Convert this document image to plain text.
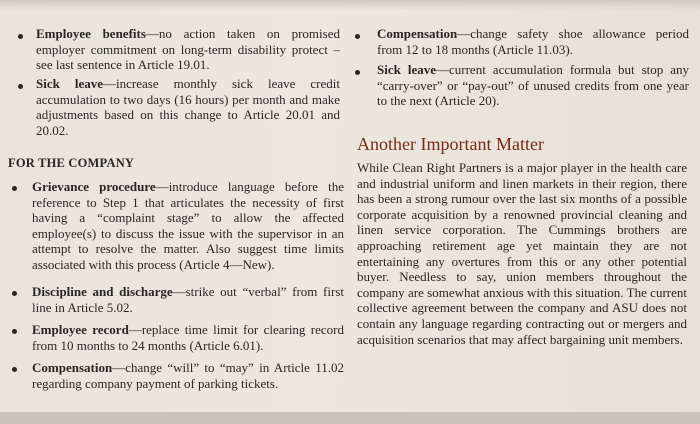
Employee benefits—no action taken on promised employer commitment on long-term disability protect – see last sentence in Article 19.01.
Sick leave—increase monthly sick leave credit accumulation to two days (16 hours) per month and make adjustments based on this change to Article 20.01 and 20.02.
FOR THE COMPANY
Grievance procedure—introduce language before the reference to Step 1 that articulates the necessity of first having a “complaint stage” to allow the affected employee(s) to discuss the issue with the supervisor in an attempt to resolve the matter. Also suggest time limits associated with this process (Article 4—New).
Discipline and discharge—strike out “verbal” from first line in Article 5.02.
Employee record—replace time limit for clearing record from 10 months to 24 months (Article 6.01).
Compensation—change “will” to “may” in Article 11.02 regarding company payment of parking tickets.
Compensation—change safety shoe allowance period from 12 to 18 months (Article 11.03).
Sick leave—current accumulation formula but stop any “carry-over” or “pay-out” of unused credits from one year to the next (Article 20).
Another Important Matter
While Clean Right Partners is a major player in the health care and industrial uniform and linen markets in their region, there has been a strong rumour over the last six months of a possible corporate acquisition by a renowned provincial cleaning and linen service corporation. The Cummings brothers are approaching retirement age yet maintain they are not entertaining any overtures from this or any other potential buyer. Needless to say, union members throughout the company are somewhat anxious with this situation. The current collective agreement between the company and ASU does not contain any language regarding contracting out or mergers and acquisition scenarios that may affect bargaining unit members.
